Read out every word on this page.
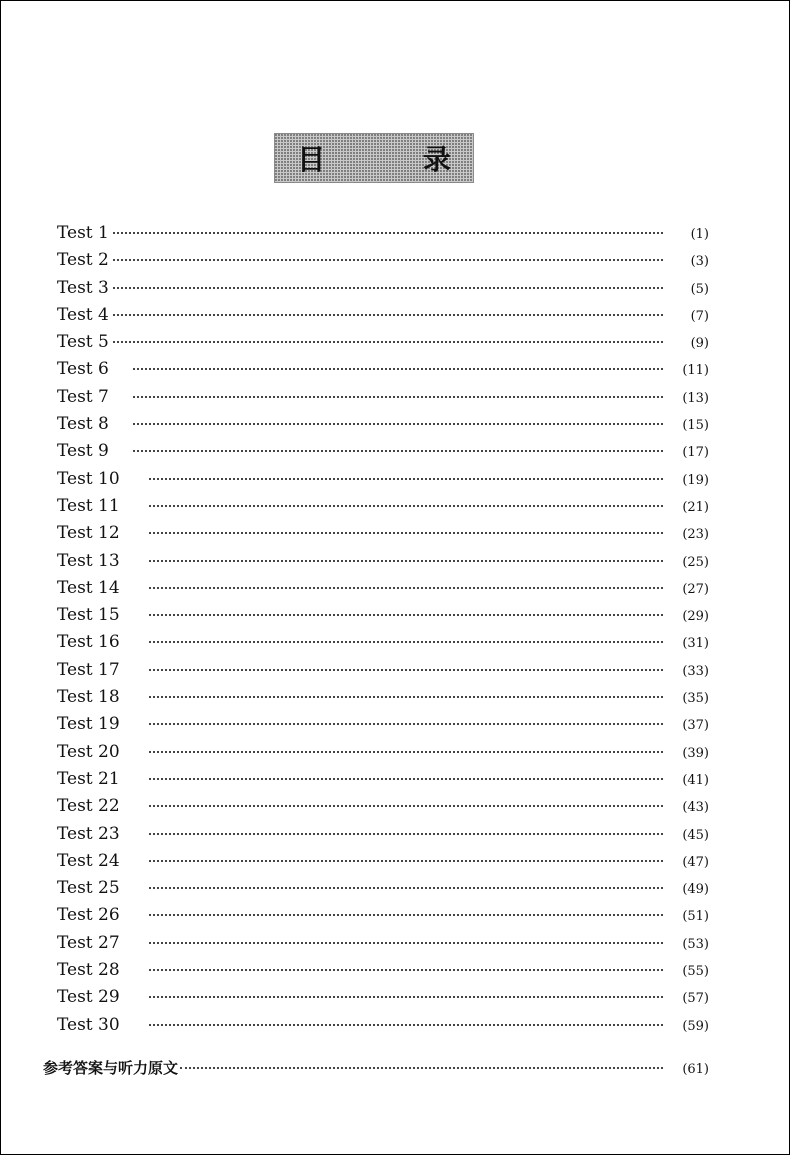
目 录
Test 1	(1)
Test 2	(3)
Test 3	(5)
Test 4	(7)
Test 5	(9)
Test 6	(11)
Test 7	(13)
Test 8	(15)
Test 9	(17)
Test 10	(19)
Test 11	(21)
Test 12	(23)
Test 13	(25)
Test 14	(27)
Test 15	(29)
Test 16	(31)
Test 17	(33)
Test 18	(35)
Test 19	(37)
Test 20	(39)
Test 21	(41)
Test 22	(43)
Test 23	(45)
Test 24	(47)
Test 25	(49)
Test 26	(51)
Test 27	(53)
Test 28	(55)
Test 29	(57)
Test 30	(59)
参考答案与听力原文	(61)
